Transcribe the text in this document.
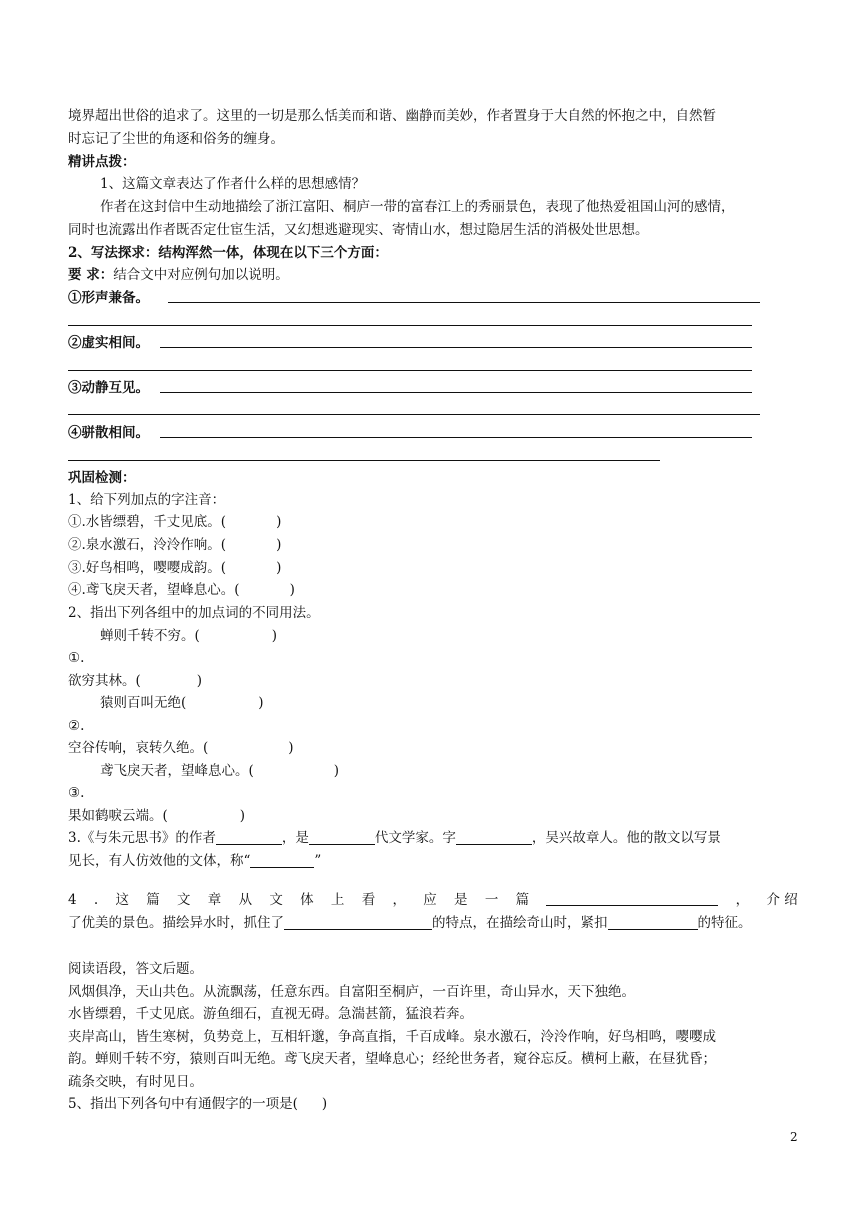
境界超出世俗的追求了。这里的一切是那么恬美而和谐、幽静而美妙，作者置身于大自然的怀抱之中，自然暂
时忘记了尘世的角逐和俗务的缠身。
精讲点拨：
1、这篇文章表达了作者什么样的思想感情？
作者在这封信中生动地描绘了浙江富阳、桐庐一带的富春江上的秀丽景色，表现了他热爱祖国山河的感情，
同时也流露出作者既否定仕宦生活，又幻想逃避现实、寄情山水，想过隐居生活的消极处世思想。
2、写法探求：结构浑然一体，体现在以下三个方面：
要 求：结合文中对应例句加以说明。
①形声兼备。
②虚实相间。
③动静互见。
④骈散相间。
巩固检测：
1、给下列加点的字注音：
①.水皆缥碧，千丈见底。(	)
②.泉水激石，泠泠作响。(	)
③.好鸟相鸣，嘤嘤成韵。(	)
④.鸢飞戾天者，望峰息心。(	)
2、指出下列各组中的加点词的不同用法。
蝉则千转不穷。(	)
①.
欲穷其林。(	)
猿则百叫无绝(	)
②.
空谷传响，哀转久绝。(	)
鸢飞戾天者，望峰息心。(	)
③.
果如鹤唳云端。(	)
3.《与朱元思书》的作者	，是	代文学家。字	，吴兴故章人。他的散文以写景
见长，有人仿效他的文体，称“	”
4 . 这 篇 文 章 从 文 体 上 看 ， 应 是 一 篇	， 介 绍
了优美的景色。描绘异水时，抓住了	的特点，在描绘奇山时，紧扣	的特征。
阅读语段，答文后题。
风烟俱净，天山共色。从流飘荡，任意东西。自富阳至桐庐，一百许里，奇山异水，天下独绝。
水皆缥碧，千丈见底。游鱼细石，直视无碍。急湍甚箭，猛浪若奔。
夹岸高山，皆生寒树，负势竞上，互相轩邈，争高直指，千百成峰。泉水激石，泠泠作响，好鸟相鸣，嘤嘤成
韵。蝉则千转不穷，猿则百叫无绝。鸢飞戾天者，望峰息心；经纶世务者，窥谷忘反。横柯上蔽，在昼犹昏；
疏条交映，有时见日。
5、指出下列各句中有通假字的一项是( )
2
